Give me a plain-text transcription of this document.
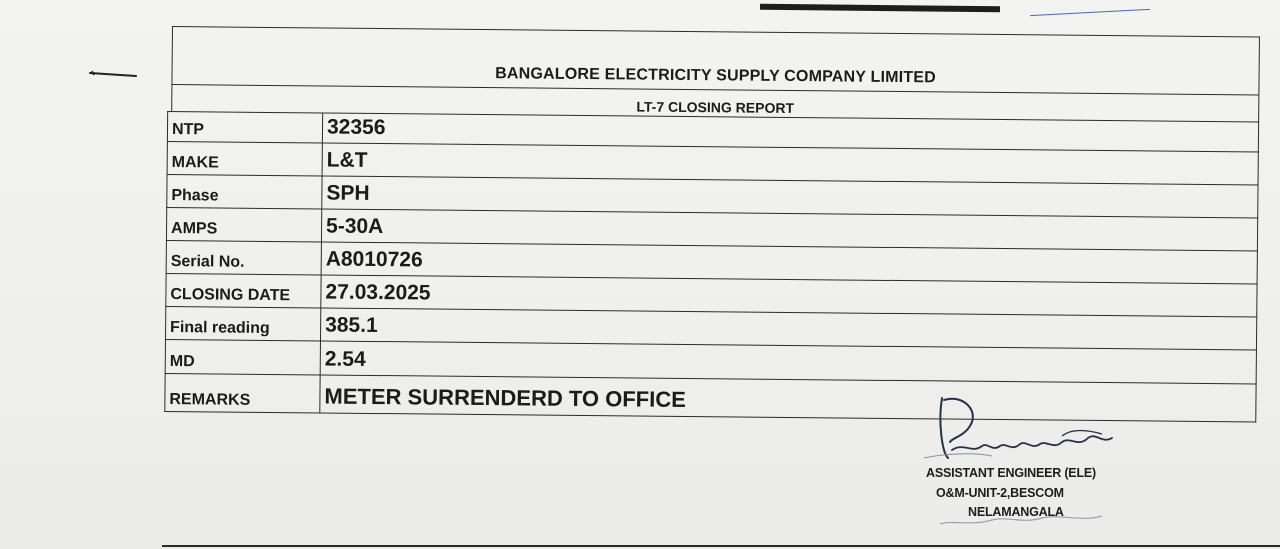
BANGALORE ELECTRICITY SUPPLY COMPANY LIMITED
LT-7 CLOSING REPORT
NTP	32356
MAKE	L&T
Phase	SPH
AMPS	5-30A
Serial No.	A8010726
CLOSING DATE	27.03.2025
Final reading	385.1
MD	2.54
REMARKS	METER SURRENDERD TO OFFICE
ASSISTANT ENGINEER (ELE)
O&M-UNIT-2,BESCOM
NELAMANGALA
